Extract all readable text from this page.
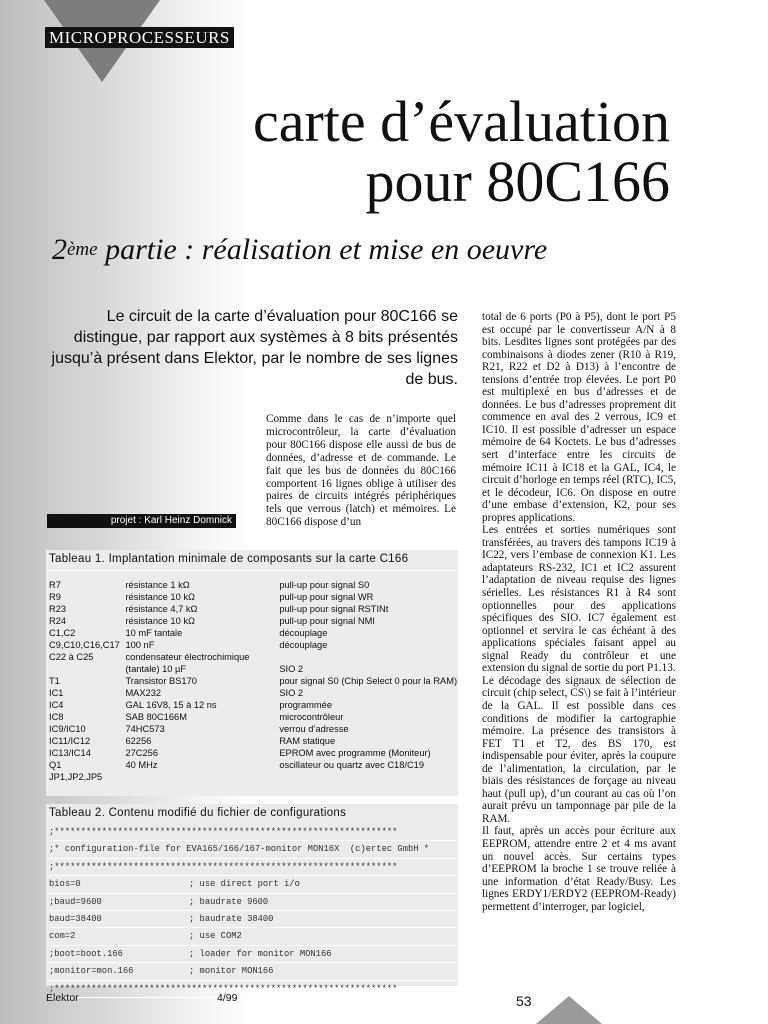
MICROPROCESSEURS
carte d’évaluation
pour 80C166
2ème partie : réalisation et mise en oeuvre
Le circuit de la carte d’évaluation pour 80C166 se distingue, par rapport aux systèmes à 8 bits présentés jusqu’à présent dans Elektor, par le nombre de ses lignes de bus.

Comme dans le cas de n’importe quel microcontrôleur, la carte d’évaluation pour 80C166 dispose elle aussi de bus de données, d’adresse et de commande. Le fait que les bus de données du 80C166 comportent 16 lignes oblige à utiliser des paires de circuits intégrés périphériques tels que verrous (latch) et mémoires. Le 80C166 dispose d’un

projet : Karl Heinz Domnick

total de 6 ports (P0 à P5), dont le port P5 est occupé par le convertisseur A/N à 8 bits. Lesdites lignes sont protégées par des combinaisons à diodes zener (R10 à R19, R21, R22 et D2 à D13) à l’encontre de tensions d’entrée trop élevées. Le port P0 est multiplexé en bus d’adresses et de données. Le bus d’adresses proprement dit commence en aval des 2 verrous, IC9 et IC10. Il est possible d’adresser un espace mémoire de 64 Koctets. Le bus d’adresses sert d’interface entre les circuits de mémoire IC11 à IC18 et la GAL, IC4, le circuit d’horloge en temps réel (RTC), IC5, et le décodeur, IC6. On dispose en outre d’une embase d’extension, K2, pour ses propres applications.

Les entrées et sorties numériques sont transférées, au travers des tampons IC19 à IC22, vers l’embase de connexion K1. Les adaptateurs RS-232, IC1 et IC2 assurent l’adaptation de niveau requise des lignes sérielles. Les résistances R1 à R4 sont optionnelles pour des applications spécifiques des SIO. IC7 également est optionnel et servira le cas échéant à des applications spéciales faisant appel au signal Ready du contrôleur et une extension du signal de sortie du port P1.13.

Le décodage des signaux de sélection de circuit (chip select, CS\) se fait à l’intérieur de la GAL. Il est possible dans ces conditions de modifier la cartographie mémoire. La présence des transistors à FET T1 et T2, des BS 170, est indispensable pour éviter, après la coupure de l’alimentation, la circulation, par le biais des résistances de forçage au niveau haut (pull up), d’un courant au cas où l’on aurait prévu un tamponnage par pile de la RAM.

Il faut, après un accès pour écriture aux EEPROM, attendre entre 2 et 4 ms avant un nouvel accès. Sur certains types d’EEPROM la broche 1 se trouve reliée à une information d’état Ready/Busy. Les lignes ERDY1/ERDY2 (EEPROM-Ready) permettent d’interroger, par logiciel,

Tableau 1. Implantation minimale de composants sur la carte C166
R7	résistance 1 kΩ	pull-up pour signal S0
R9	résistance 10 kΩ	pull-up pour signal WR
R23	résistance 4,7 kΩ	pull-up pour signal RSTINt
R24	résistance 10 kΩ	pull-up pour signal NMI
C1,C2	10 mF tantale	découplage
C9,C10,C16,C17 100 nF	découplage
C22 à C25	condensateur électrochimique
(tantale) 10 µF	SIO 2
T1	Transistor BS170	pour signal S0 (Chip Select 0 pour la RAM)
IC1	MAX232	SIO 2
IC4	GAL 16V8, 15 à 12 ns	programmée
IC8	SAB 80C166M	microcontrôleur
IC9/IC10	74HC573	verrou d’adresse
IC11/IC12	62256	RAM statique
IC13/IC14	27C256	EPROM avec programme (Moniteur)
Q1	40 MHz	oscillateur ou quartz avec C18/C19
JP1,JP2,JP5
Tableau 2. Contenu modifié du fichier de configurations
;*****************************************************************
;* configuration-file for EVA165/166/167-monitor MON16X  (c)ertec GmbH *
;*****************************************************************
bios=0	; use direct port i/o
;baud=9600	; baudrate 9600
baud=38400	; baudrate 38400
com=2	; use COM2
;boot=boot.166	; loader for monitor MON166
;monitor=mon.166	; monitor MON166
;*****************************************************************
Elektor	4/99	53
